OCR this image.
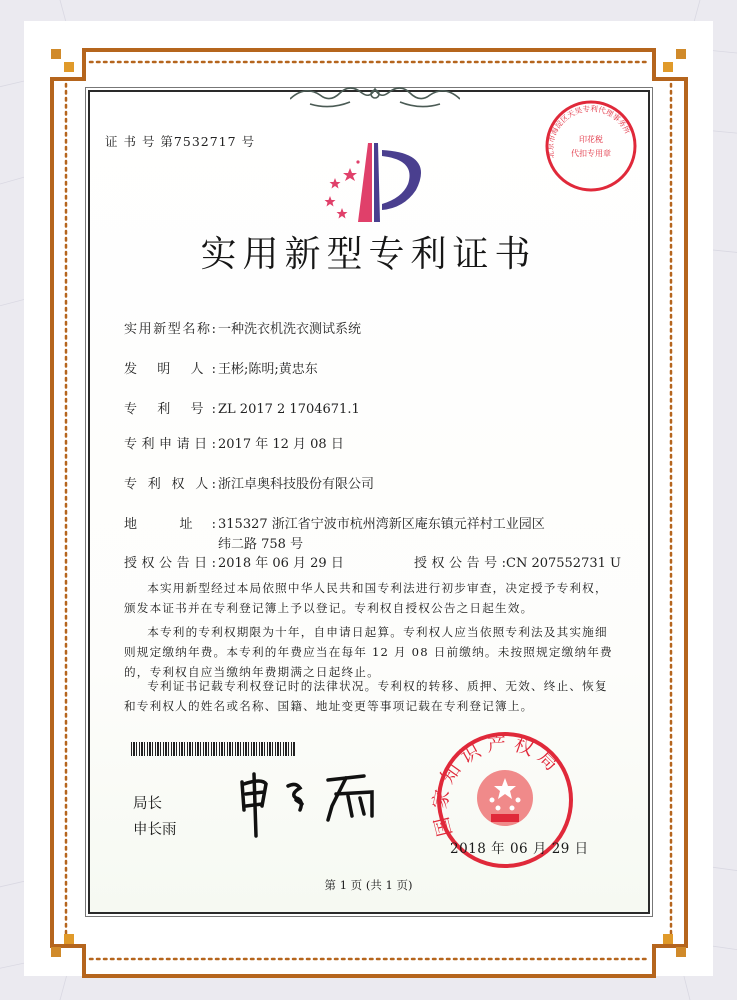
印花税
代扣专用章
北京市海淀区天昊专利代理事务所
证 书 号 第7532717 号
实用新型专利证书
实用新型名称: 一种洗衣机洗衣测试系统
发 明 人: 王彬;陈明;黄忠东
专 利 号: ZL 2017 2 1704671.1
专利申请日: 2017 年 12 月 08 日
专 利 权 人: 浙江卓奥科技股份有限公司
地 址: 315327 浙江省宁波市杭州湾新区庵东镇元祥村工业园区
纬二路 758 号
授权公告日: 2018 年 06 月 29 日	授权公告号:CN 207552731 U

本实用新型经过本局依照中华人民共和国专利法进行初步审查，决定授予专利权，颁发本证书并在专利登记簿上予以登记。专利权自授权公告之日起生效。

本专利的专利权期限为十年，自申请日起算。专利权人应当依照专利法及其实施细则规定缴纳年费。本专利的年费应当在每年 12 月 08 日前缴纳。未按照规定缴纳年费的，专利权自应当缴纳年费期满之日起终止。

专利证书记载专利权登记时的法律状况。专利权的转移、质押、无效、终止、恢复和专利权人的姓名或名称、国籍、地址变更等事项记载在专利登记簿上。

局长
申长雨	国家知识产权局
2018 年 06 月 29 日
第 1 页 (共 1 页)
